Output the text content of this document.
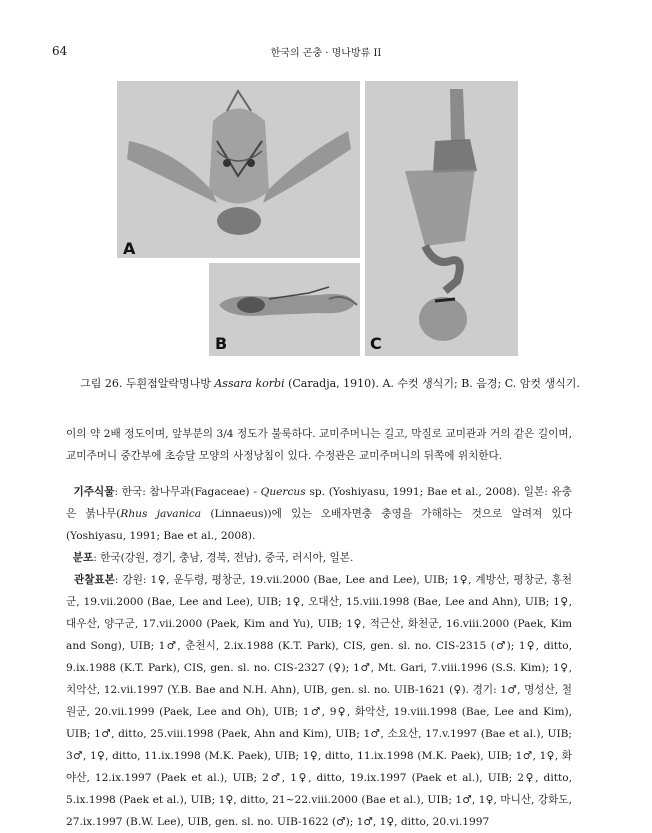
64	한국의 곤충 · 명나방류 II
A
B	C
그림 26. 두흰점알락명나방 Assara korbi (Caradja, 1910). A. 수컷 생식기; B. 음경; C. 암컷 생식기.

이의 약 2배 정도이며, 앞부분의 3/4 정도가 불룩하다. 교미주머니는 길고, 막질로 교미관과 거의 같은 길이며, 교미주머니 중간부에 초승달 모양의 사정낭침이 있다. 수정관은 교미주머니의 뒤쪽에 위치한다.

기주식물: 한국: 참나무과(Fagaceae) - Quercus sp. (Yoshiyasu, 1991; Bae et al., 2008). 일본: 유충은 붉나무(Rhus javanica (Linnaeus))에 있는 오배자면충 충영을 가해하는 것으로 알려져 있다(Yoshiyasu, 1991; Bae et al., 2008).

분포: 한국(강원, 경기, 충남, 경북, 전남), 중국, 러시아, 일본.

관찰표본: 강원: 1♀, 운두령, 평창군, 19.vii.2000 (Bae, Lee and Lee), UIB; 1♀, 계방산, 평창군, 홍천군, 19.vii.2000 (Bae, Lee and Lee), UIB; 1♀, 오대산, 15.viii.1998 (Bae, Lee and Ahn), UIB; 1♀, 대우산, 양구군, 17.vii.2000 (Paek, Kim and Yu), UIB; 1♀, 적근산, 화천군, 16.viii.2000 (Paek, Kim and Song), UIB; 1♂, 춘천시, 2.ix.1988 (K.T. Park), CIS, gen. sl. no. CIS-2315 (♂); 1♀, ditto, 9.ix.1988 (K.T. Park), CIS, gen. sl. no. CIS-2327 (♀); 1♂, Mt. Gari, 7.viii.1996 (S.S. Kim); 1♀, 치악산, 12.vii.1997 (Y.B. Bae and N.H. Ahn), UIB, gen. sl. no. UIB-1621 (♀). 경기: 1♂, 명성산, 철원군, 20.vii.1999 (Paek, Lee and Oh), UIB; 1♂, 9♀, 화악산, 19.viii.1998 (Bae, Lee and Kim), UIB; 1♂, ditto, 25.viii.1998 (Paek, Ahn and Kim), UIB; 1♂, 소요산, 17.v.1997 (Bae et al.), UIB; 3♂, 1♀, ditto, 11.ix.1998 (M.K. Paek), UIB; 1♀, ditto, 11.ix.1998 (M.K. Paek), UIB; 1♂, 1♀, 화야산, 12.ix.1997 (Paek et al.), UIB; 2♂, 1♀, ditto, 19.ix.1997 (Paek et al.), UIB; 2♀, ditto, 5.ix.1998 (Paek et al.), UIB; 1♀, ditto, 21~22.viii.2000 (Bae et al.), UIB; 1♂, 1♀, 마니산, 강화도, 27.ix.1997 (B.W. Lee), UIB, gen. sl. no. UIB-1622 (♂); 1♂, 1♀, ditto, 20.vi.1997
